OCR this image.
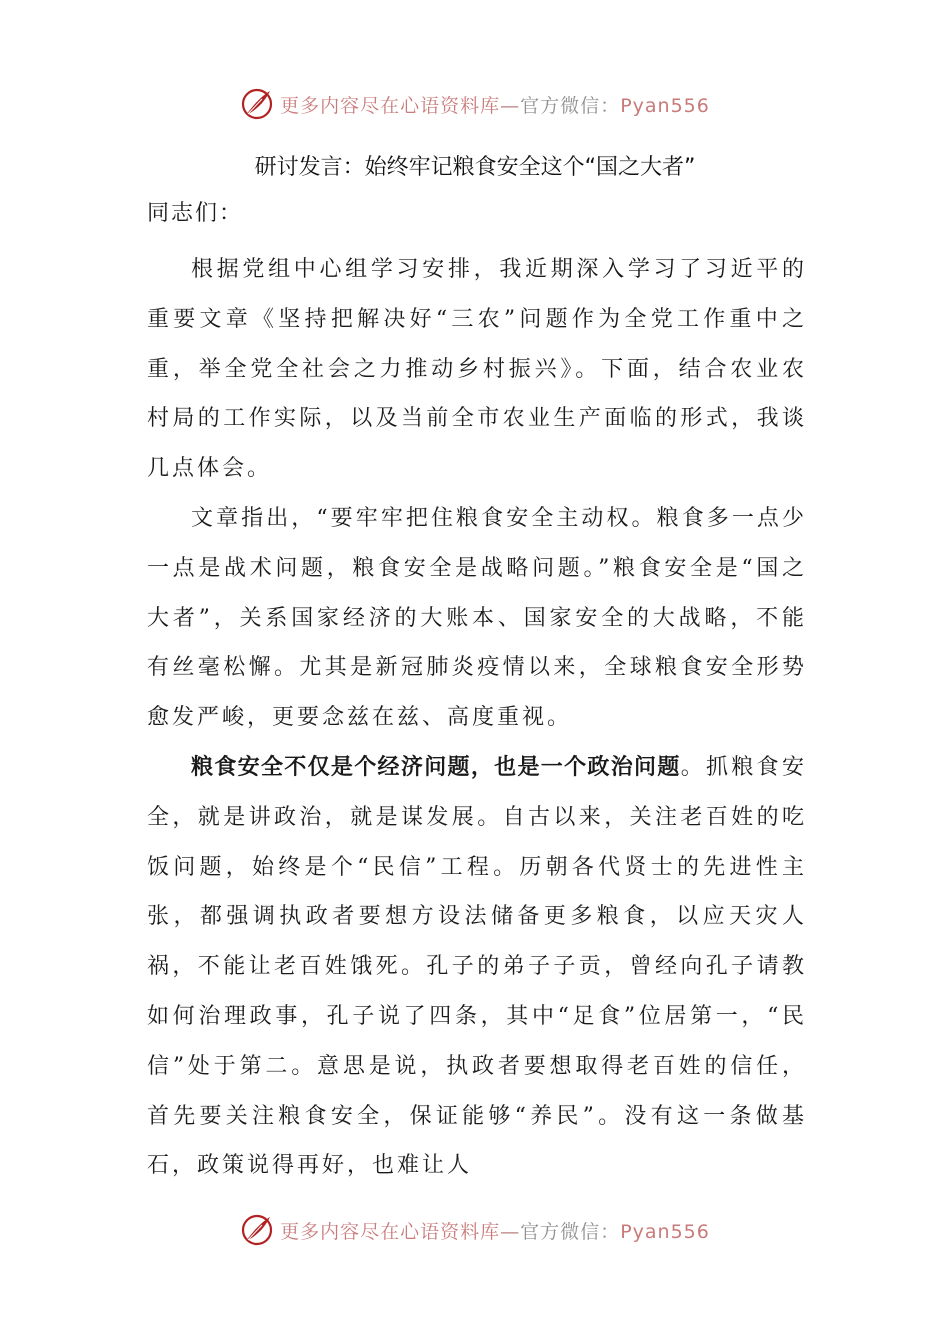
更多内容尽在心语资料库—官方微信：Pyan556
研讨发言：始终牢记粮食安全这个“国之大者”
同志们：

根据党组中心组学习安排，我近期深入学习了习近平的重要文章《坚持把解决好“三农”问题作为全党工作重中之重，举全党全社会之力推动乡村振兴》。下面，结合农业农村局的工作实际，以及当前全市农业生产面临的形式，我谈几点体会。

文章指出，“要牢牢把住粮食安全主动权。粮食多一点少一点是战术问题，粮食安全是战略问题。”粮食安全是“国之大者”，关系国家经济的大账本、国家安全的大战略，不能有丝毫松懈。尤其是新冠肺炎疫情以来，全球粮食安全形势愈发严峻，更要念兹在兹、高度重视。

粮食安全不仅是个经济问题，也是一个政治问题。抓粮食安全，就是讲政治，就是谋发展。自古以来，关注老百姓的吃饭问题，始终是个“民信”工程。历朝各代贤士的先进性主张，都强调执政者要想方设法储备更多粮食，以应天灾人祸，不能让老百姓饿死。孔子的弟子子贡，曾经向孔子请教如何治理政事，孔子说了四条，其中“足食”位居第一，“民信”处于第二。意思是说，执政者要想取得老百姓的信任，首先要关注粮食安全，保证能够“养民”。没有这一条做基石，政策说得再好，也难让人

更多内容尽在心语资料库—官方微信：Pyan556
